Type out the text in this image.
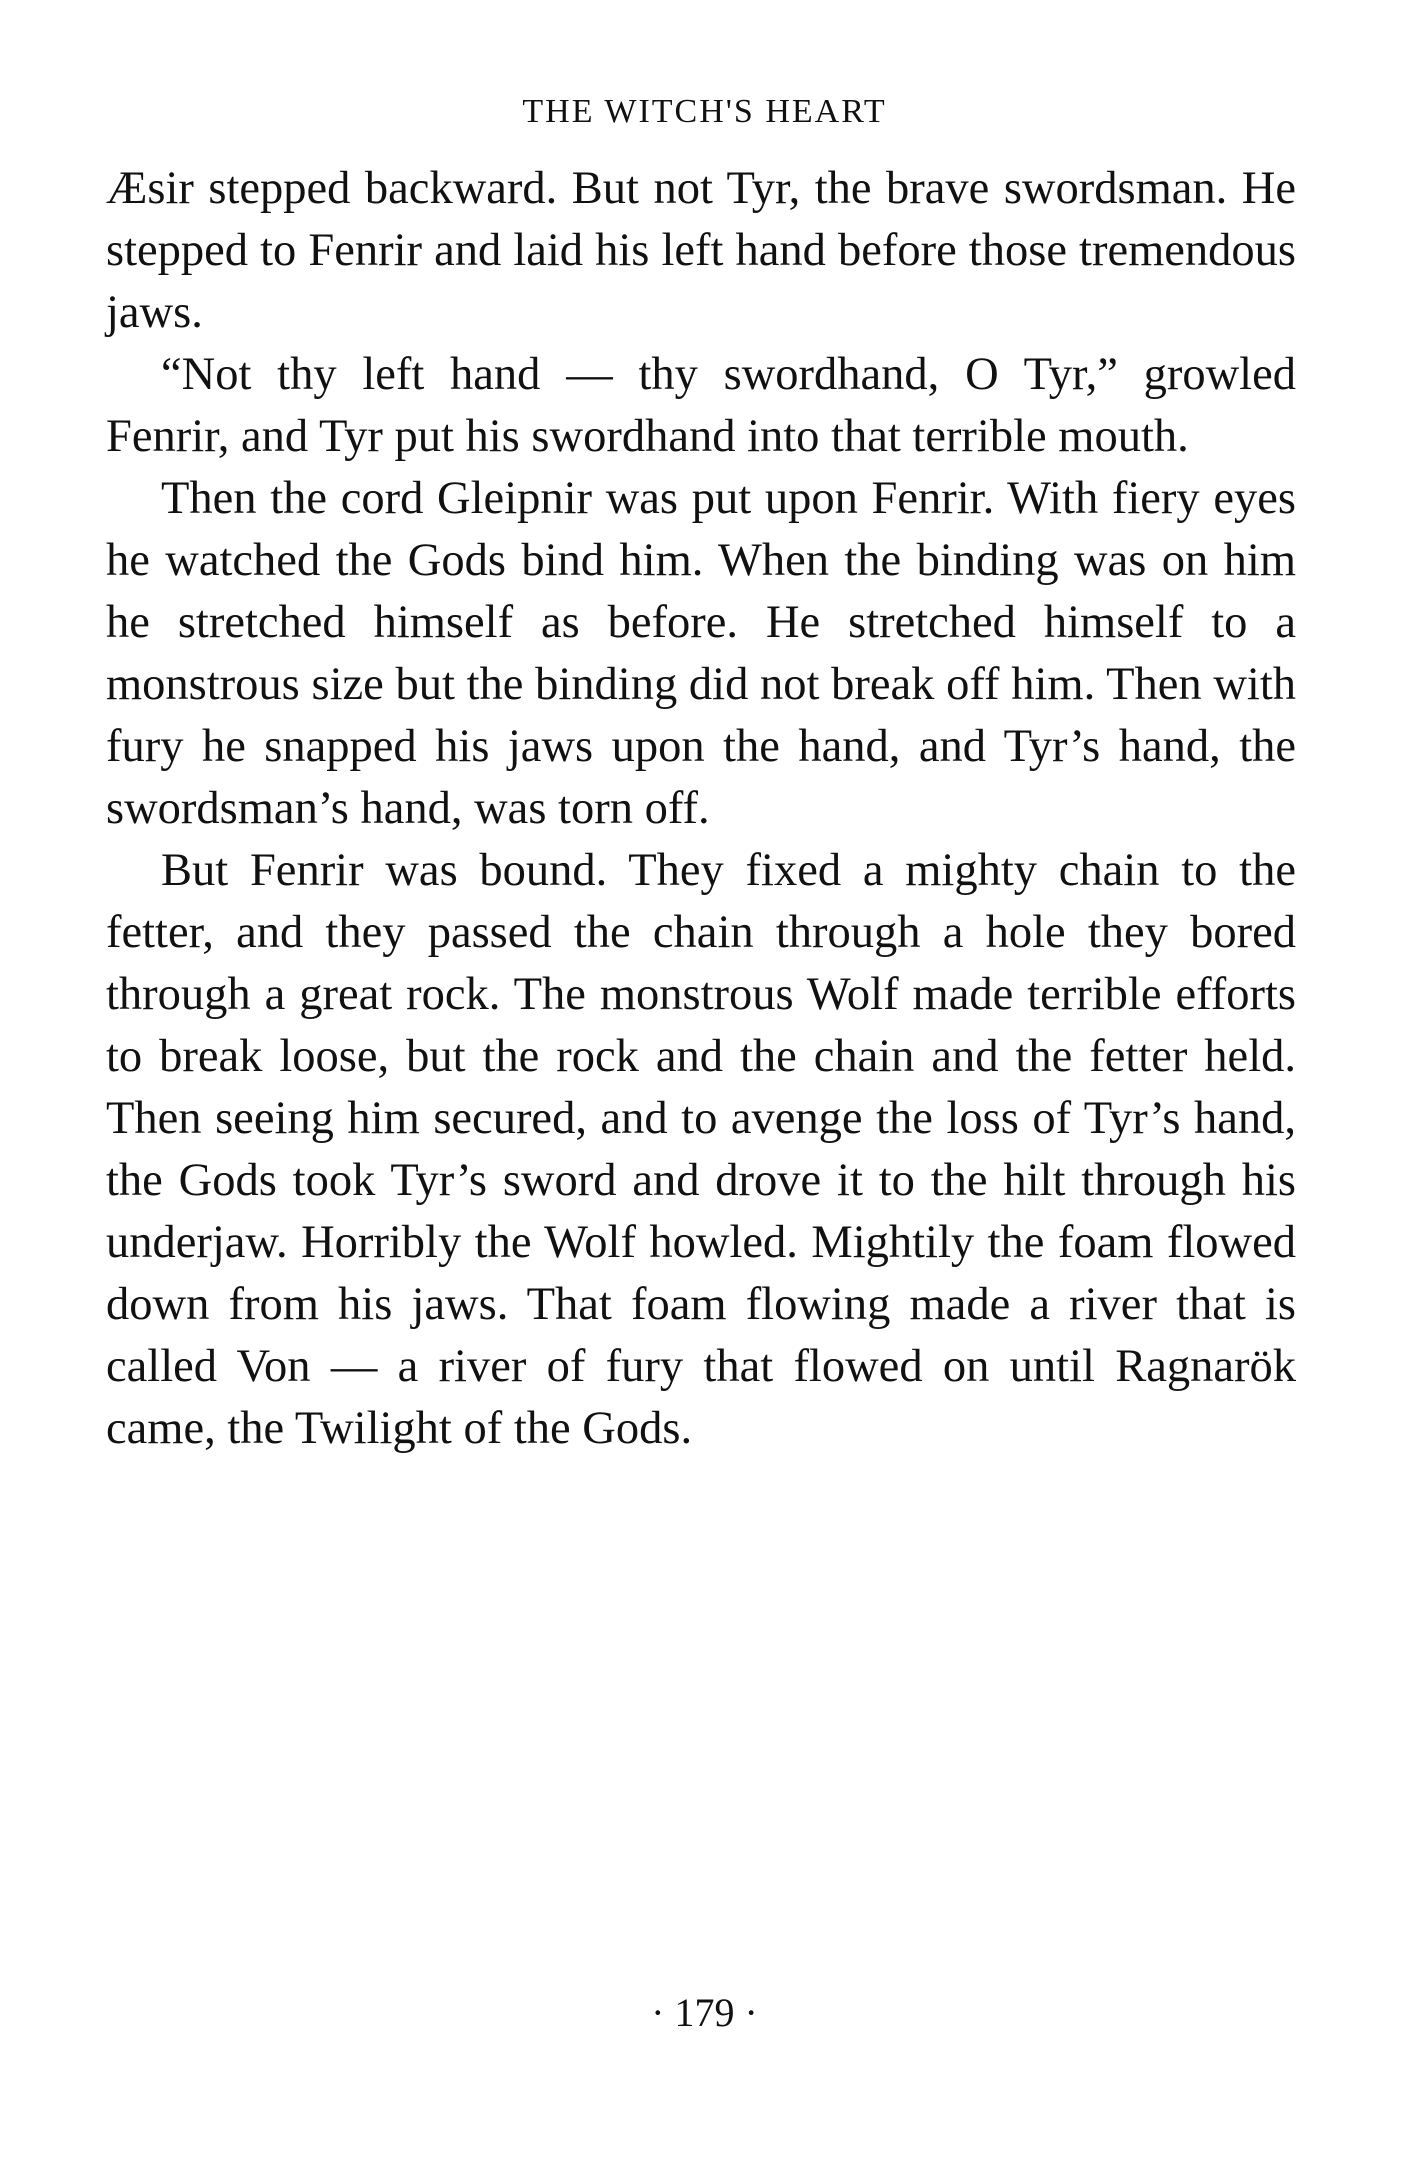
THE WITCH'S HEART

Æsir stepped backward. But not Tyr, the brave swordsman. He stepped to Fenrir and laid his left hand before those tremendous jaws.

“Not thy left hand — thy swordhand, O Tyr,” growled Fenrir, and Tyr put his swordhand into that terrible mouth.

Then the cord Gleipnir was put upon Fenrir. With fiery eyes he watched the Gods bind him. When the binding was on him he stretched himself as before. He stretched himself to a monstrous size but the binding did not break off him. Then with fury he snapped his jaws upon the hand, and Tyr’s hand, the swordsman’s hand, was torn off.

But Fenrir was bound. They fixed a mighty chain to the fetter, and they passed the chain through a hole they bored through a great rock. The monstrous Wolf made terrible efforts to break loose, but the rock and the chain and the fetter held. Then seeing him secured, and to avenge the loss of Tyr’s hand, the Gods took Tyr’s sword and drove it to the hilt through his underjaw. Horribly the Wolf howled. Mightily the foam flowed down from his jaws. That foam flowing made a river that is called Von — a river of fury that flowed on until Ragnarök came, the Twilight of the Gods.

· 179 ·
